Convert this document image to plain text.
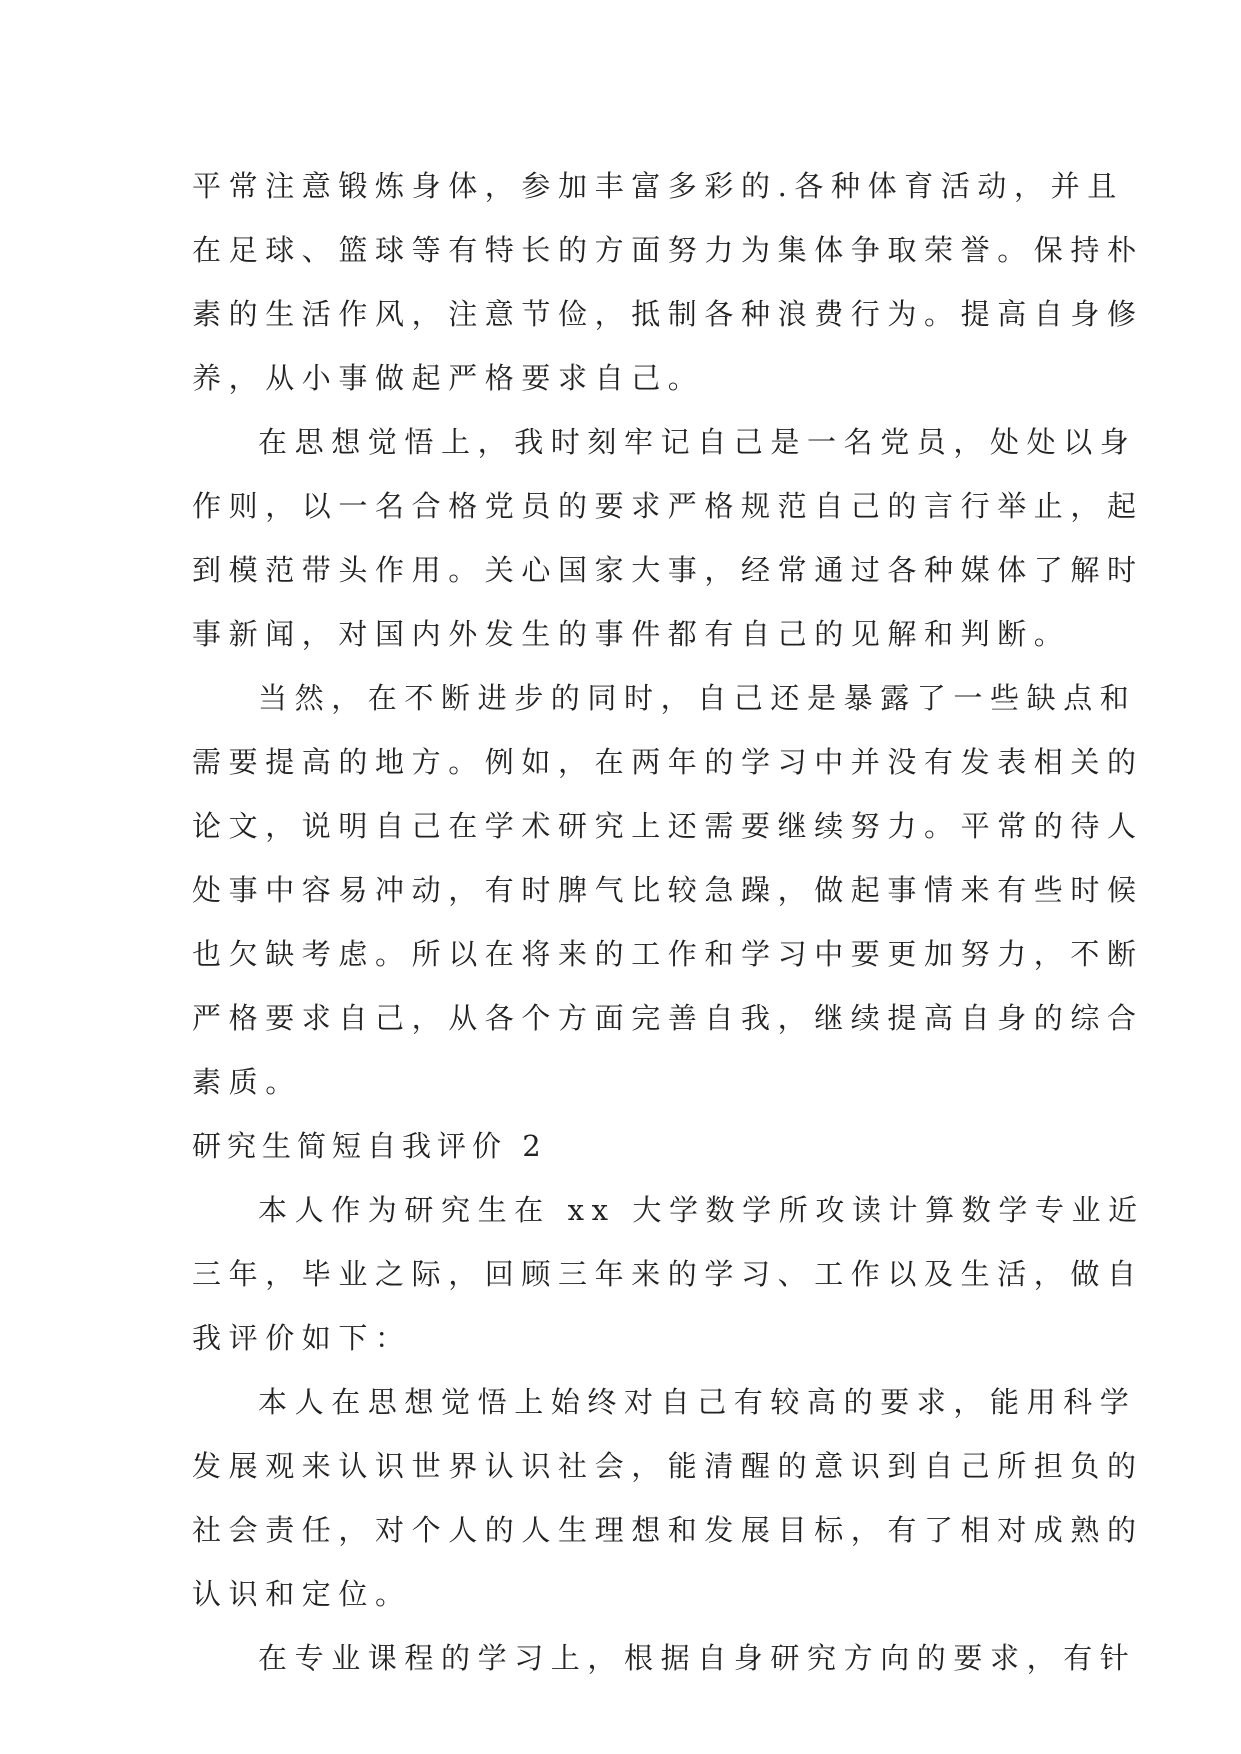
平常注意锻炼身体，参加丰富多彩的.各种体育活动，并且
在足球、篮球等有特长的方面努力为集体争取荣誉。保持朴
素的生活作风，注意节俭，抵制各种浪费行为。提高自身修
养，从小事做起严格要求自己。
在思想觉悟上，我时刻牢记自己是一名党员，处处以身
作则，以一名合格党员的要求严格规范自己的言行举止，起
到模范带头作用。关心国家大事，经常通过各种媒体了解时
事新闻，对国内外发生的事件都有自己的见解和判断。
当然，在不断进步的同时，自己还是暴露了一些缺点和
需要提高的地方。例如，在两年的学习中并没有发表相关的
论文，说明自己在学术研究上还需要继续努力。平常的待人
处事中容易冲动，有时脾气比较急躁，做起事情来有些时候
也欠缺考虑。所以在将来的工作和学习中要更加努力，不断
严格要求自己，从各个方面完善自我，继续提高自身的综合
素质。
研究生简短自我评价 2
本人作为研究生在 xx 大学数学所攻读计算数学专业近
三年，毕业之际，回顾三年来的学习、工作以及生活，做自
我评价如下：
本人在思想觉悟上始终对自己有较高的要求，能用科学
发展观来认识世界认识社会，能清醒的意识到自己所担负的
社会责任，对个人的人生理想和发展目标，有了相对成熟的
认识和定位。
在专业课程的学习上，根据自身研究方向的要求，有针
